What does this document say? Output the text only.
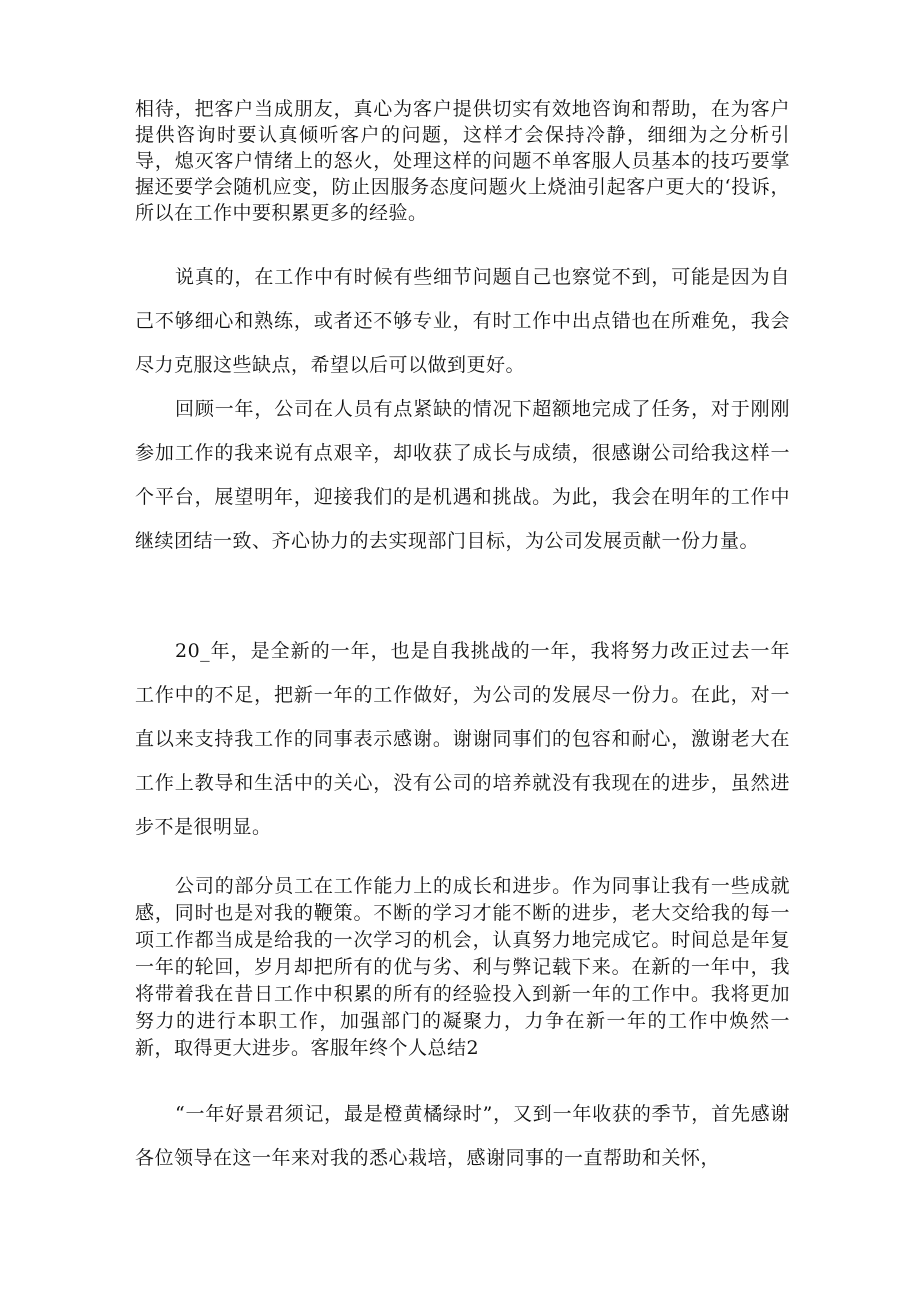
相待，把客户当成朋友，真心为客户提供切实有效地咨询和帮助，在为客户提供咨询时要认真倾听客户的问题，这样才会保持冷静，细细为之分析引导，熄灭客户情绪上的怒火，处理这样的问题不单客服人员基本的技巧要掌握还要学会随机应变，防止因服务态度问题火上烧油引起客户更大的‘投诉，所以在工作中要积累更多的经验。

说真的，在工作中有时候有些细节问题自己也察觉不到，可能是因为自己不够细心和熟练，或者还不够专业，有时工作中出点错也在所难免，我会尽力克服这些缺点，希望以后可以做到更好。

回顾一年，公司在人员有点紧缺的情况下超额地完成了任务，对于刚刚参加工作的我来说有点艰辛，却收获了成长与成绩，很感谢公司给我这样一个平台，展望明年，迎接我们的是机遇和挑战。为此，我会在明年的工作中继续团结一致、齐心协力的去实现部门目标，为公司发展贡献一份力量。

20_年，是全新的一年，也是自我挑战的一年，我将努力改正过去一年工作中的不足，把新一年的工作做好，为公司的发展尽一份力。在此，对一直以来支持我工作的同事表示感谢。谢谢同事们的包容和耐心，激谢老大在工作上教导和生活中的关心，没有公司的培养就没有我现在的进步，虽然进步不是很明显。

公司的部分员工在工作能力上的成长和进步。作为同事让我有一些成就感，同时也是对我的鞭策。不断的学习才能不断的进步，老大交给我的每一项工作都当成是给我的一次学习的机会，认真努力地完成它。时间总是年复一年的轮回，岁月却把所有的优与劣、利与弊记载下来。在新的一年中，我将带着我在昔日工作中积累的所有的经验投入到新一年的工作中。我将更加努力的进行本职工作，加强部门的凝聚力，力争在新一年的工作中焕然一新，取得更大进步。客服年终个人总结2

“一年好景君须记，最是橙黄橘绿时”，又到一年收获的季节，首先感谢各位领导在这一年来对我的悉心栽培，感谢同事的一直帮助和关怀，
